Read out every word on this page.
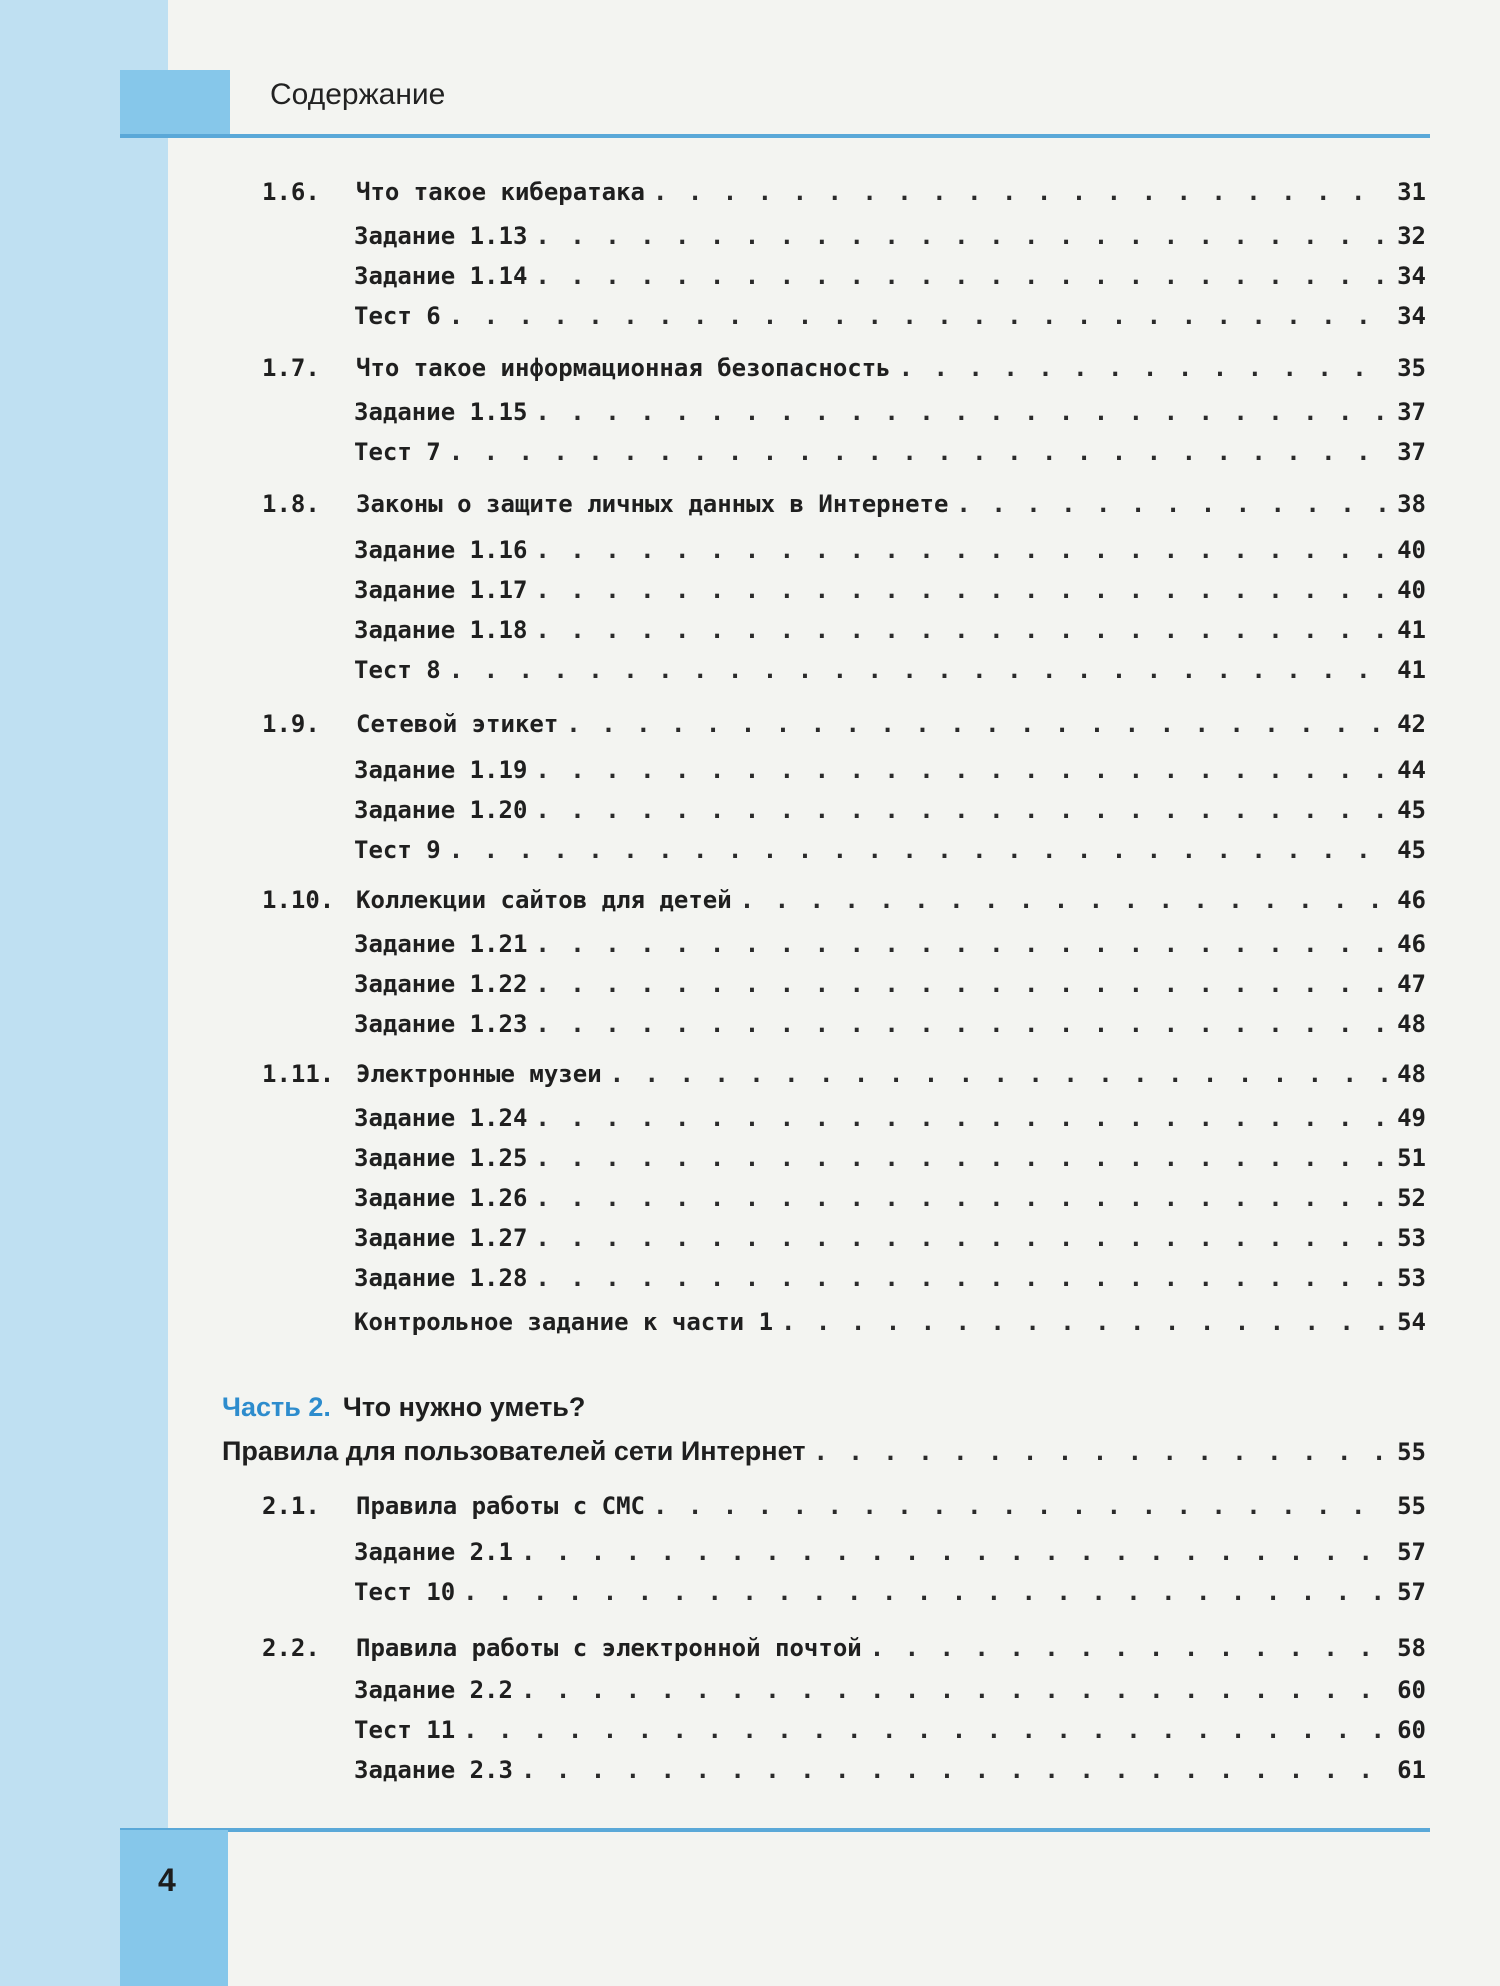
Содержание
Часть 2. Что нужно уметь?
Правила для пользователей сети Интернет . . .	55
1.6.	Что такое кибератака . . .	31
Задание 1.13 . . .	32
Задание 1.14 . . .	34
Тест 6 . . .	34
1.7.	Что такое информационная безопасность . . .	35
Задание 1.15 . . .	37
Тест 7 . . .	37
1.8.	Законы о защите личных данных в Интернете . . .	38
Задание 1.16 . . .	40
Задание 1.17 . . .	40
Задание 1.18 . . .	41
Тест 8 . . .	41
1.9.	Сетевой этикет . . .	42
Задание 1.19 . . .	44
Задание 1.20 . . .	45
Тест 9 . . .	45
1.10. Коллекции сайтов для детей . . .	46
Задание 1.21 . . .	46
Задание 1.22 . . .	47
Задание 1.23 . . .	48
1.11. Электронные музеи . . .	48
Задание 1.24 . . .	49
Задание 1.25 . . .	51
Задание 1.26 . . .	52
Задание 1.27 . . .	53
Задание 1.28 . . .	53
Контрольное задание к части 1 . . .	54
2.1.	Правила работы с СМС . . .	55
Задание 2.1 . . .	57
Тест 10 . . .	57
2.2.	Правила работы с электронной почтой . . .	58
Задание 2.2 . . .	60
Тест 11 . . .	60
Задание 2.3 . . .	61
4
